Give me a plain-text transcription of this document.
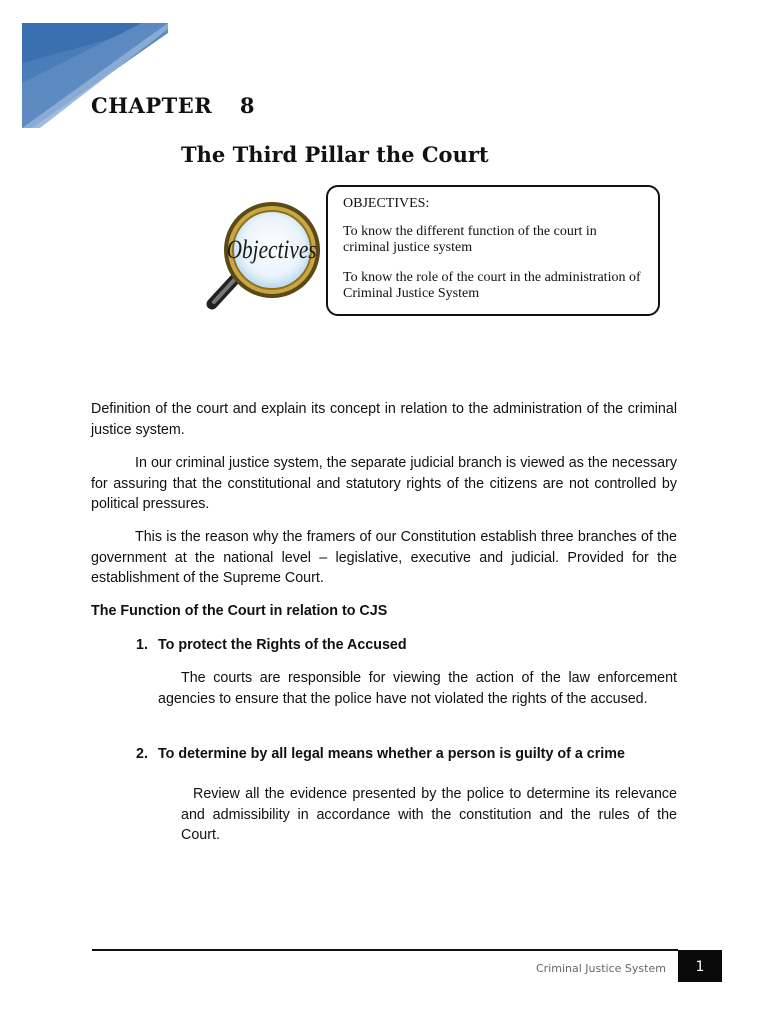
CHAPTER  8
The Third Pillar the Court
Objectives

OBJECTIVES:

To know the different function of the court in criminal justice system

To know the role of the court in the administration of Criminal Justice System

Definition of the court and explain its concept in relation to the administration of the criminal justice system.

In our criminal justice system, the separate judicial branch is viewed as the necessary for assuring that the constitutional and statutory rights of the citizens are not controlled by political pressures.

This is the reason why the framers of our Constitution establish three branches of the government at the national level – legislative, executive and judicial. Provided for the establishment of the Supreme Court.

The Function of the Court in relation to CJS

1. To protect the Rights of the Accused

The courts are responsible for viewing the action of the law enforcement agencies to ensure that the police have not violated the rights of the accused.

2. To determine by all legal means whether a person is guilty of a crime

Review all the evidence presented by the police to determine its relevance and admissibility in accordance with the constitution and the rules of the Court.

Criminal Justice System	1
